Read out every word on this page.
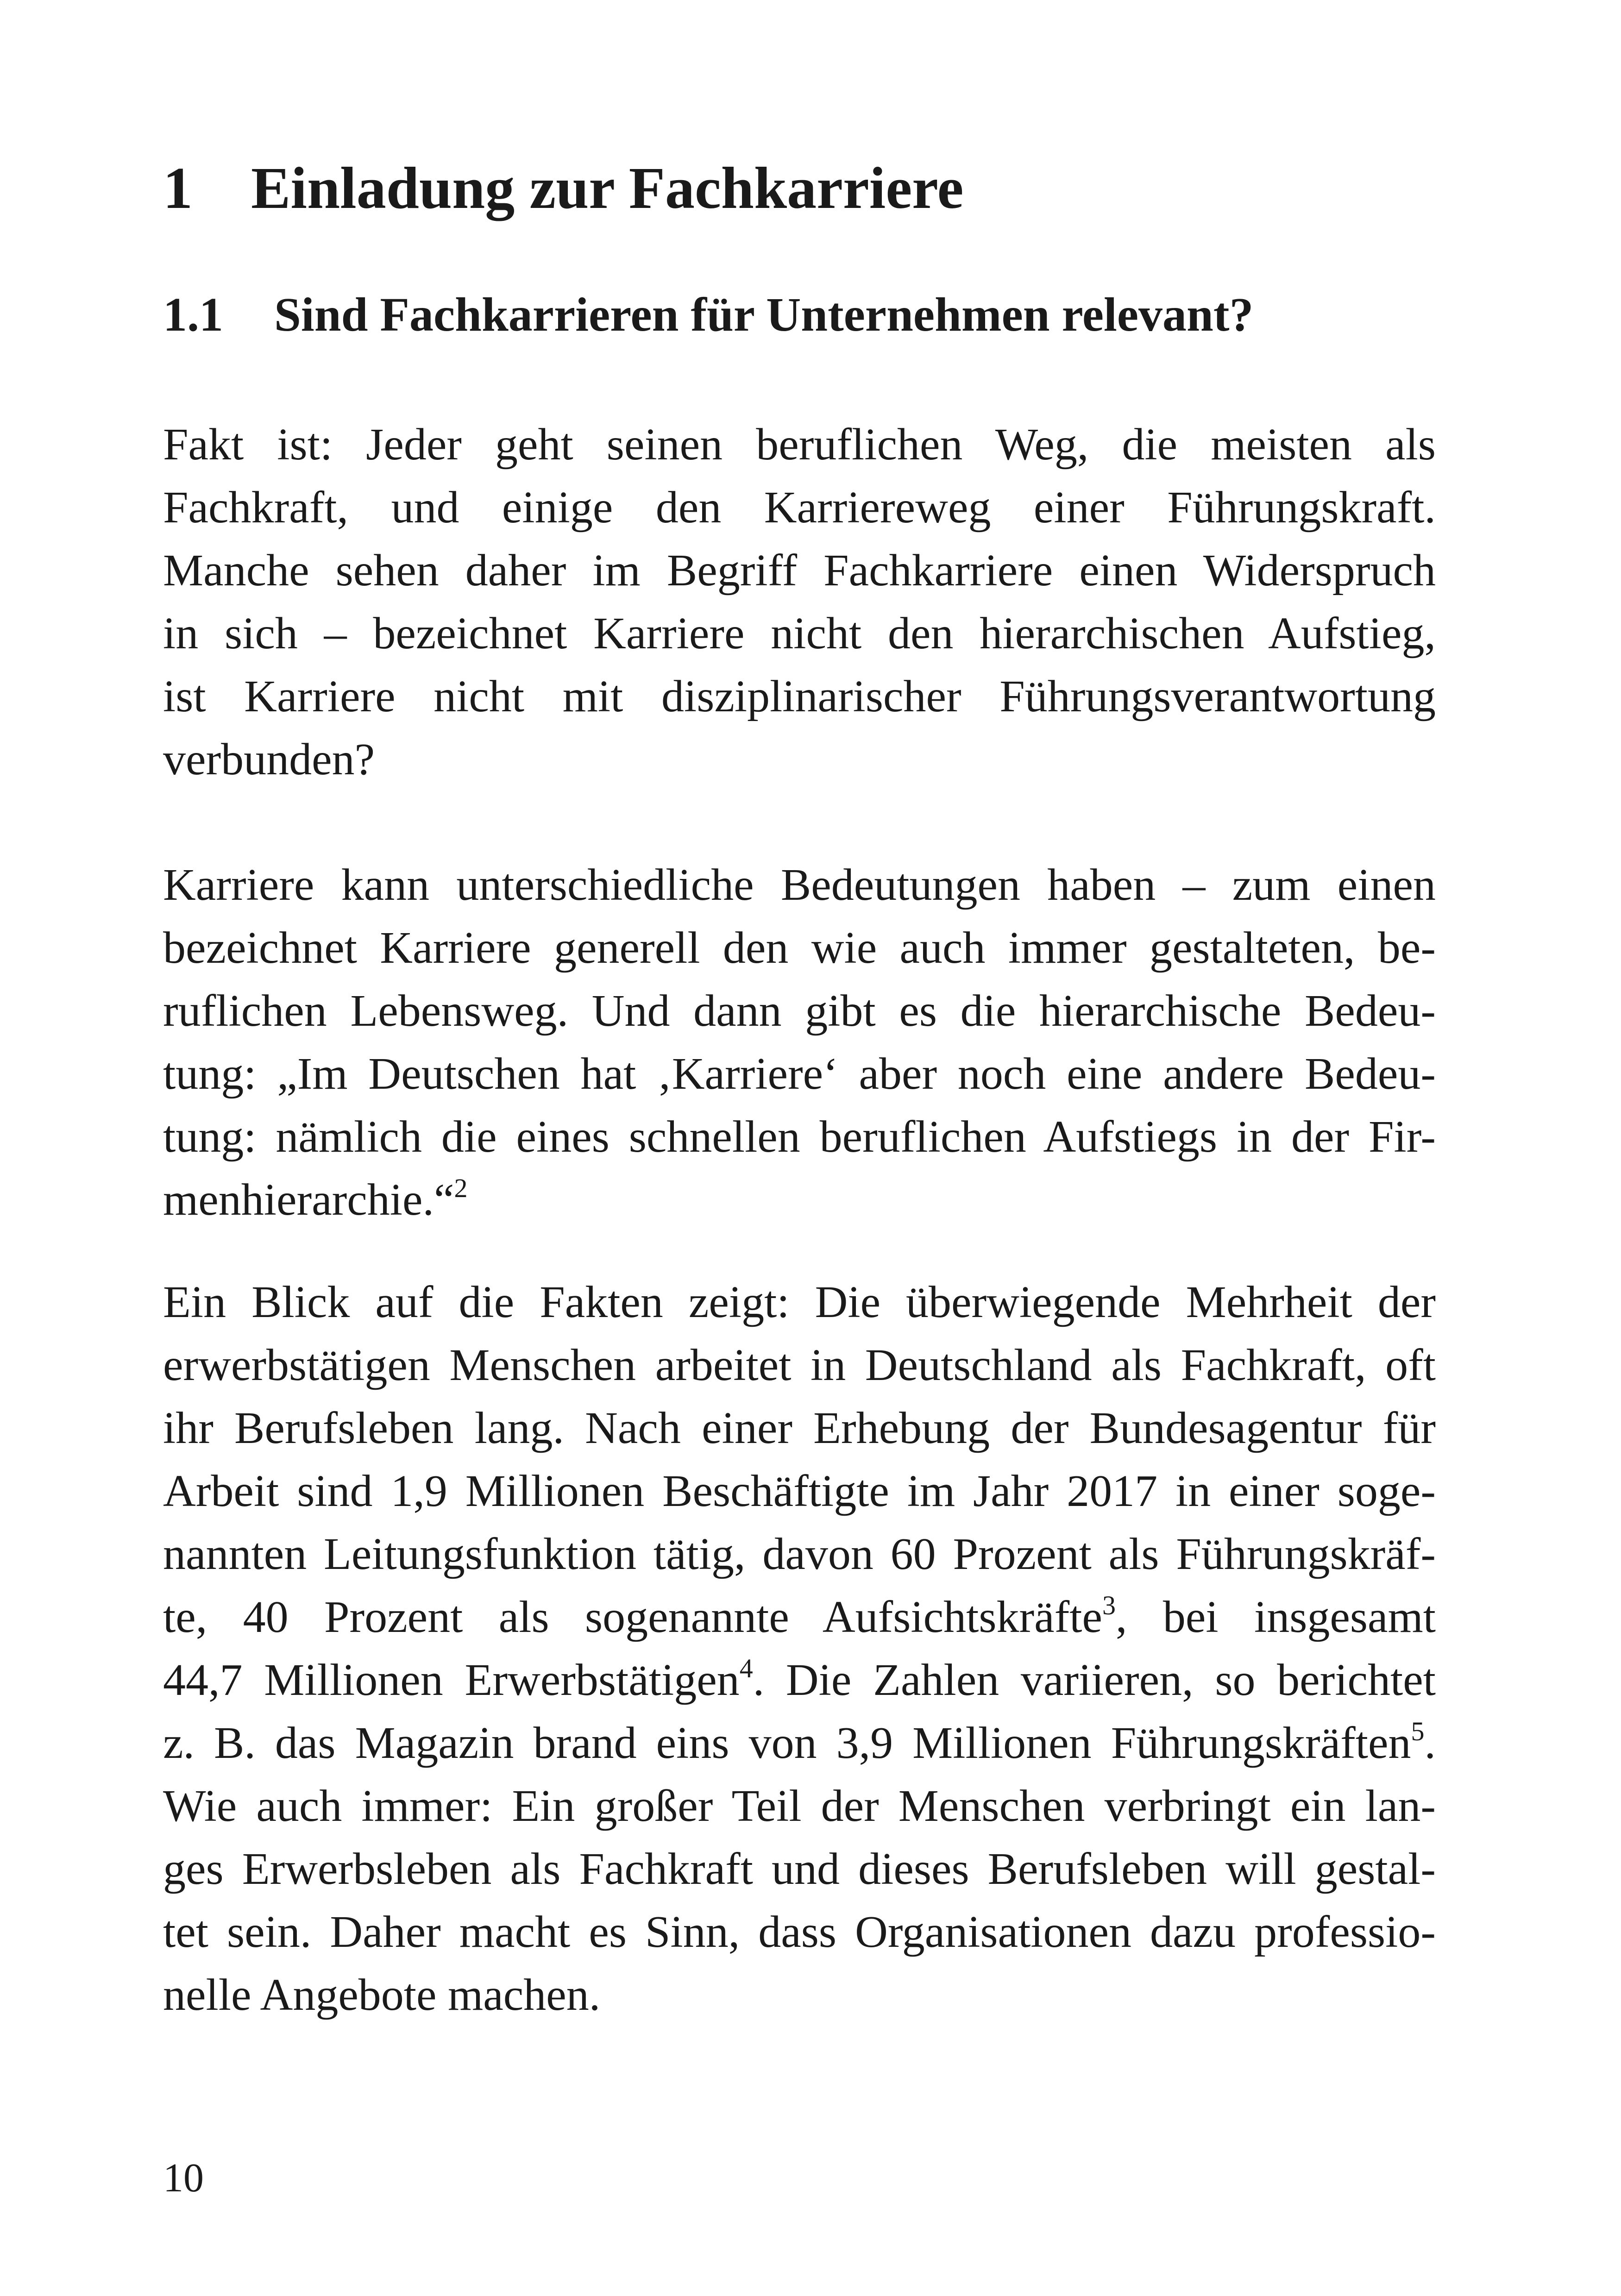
1 Einladung zur Fachkarriere
1.1 Sind Fachkarrieren für Unternehmen relevant?
Fakt ist: Jeder geht seinen beruflichen Weg, die meisten als
Fachkraft, und einige den Karriereweg einer Führungskraft.
Manche sehen daher im Begriff Fachkarriere einen Widerspruch
in sich – bezeichnet Karriere nicht den hierarchischen Aufstieg,
ist Karriere nicht mit disziplinarischer Führungsverantwortung
verbunden?
Karriere kann unterschiedliche Bedeutungen haben – zum einen
bezeichnet Karriere generell den wie auch immer gestalteten, be-
ruflichen Lebensweg. Und dann gibt es die hierarchische Bedeu-
tung: „Im Deutschen hat ‚Karriere‘ aber noch eine andere Bedeu-
tung: nämlich die eines schnellen beruflichen Aufstiegs in der Fir-
menhierarchie.“$^2$
Ein Blick auf die Fakten zeigt: Die überwiegende Mehrheit der
erwerbstätigen Menschen arbeitet in Deutschland als Fachkraft, oft
ihr Berufsleben lang. Nach einer Erhebung der Bundesagentur für
Arbeit sind 1,9 Millionen Beschäftigte im Jahr 2017 in einer soge-
nannten Leitungsfunktion tätig, davon 60 Prozent als Führungskräf-
te, 40 Prozent als sogenannte Aufsichtskräfte$^3$, bei insgesamt
44,7 Millionen Erwerbstätigen$^4$. Die Zahlen variieren, so berichtet
z. B. das Magazin brand eins von 3,9 Millionen Führungskräften$^5$.
Wie auch immer: Ein großer Teil der Menschen verbringt ein lan-
ges Erwerbsleben als Fachkraft und dieses Berufsleben will gestal-
tet sein. Daher macht es Sinn, dass Organisationen dazu professio-
nelle Angebote machen.
10
